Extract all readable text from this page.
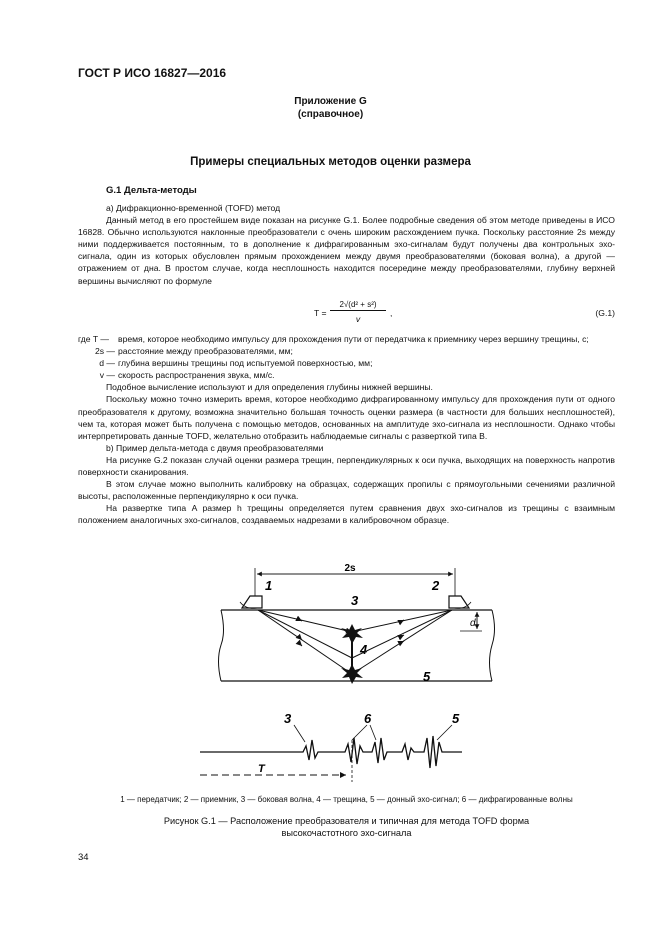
ГОСТ Р ИСО 16827—2016
Приложение G
(справочное)
Примеры специальных методов оценки размера
G.1 Дельта-методы

а) Дифракционно-временной (TOFD) метод

Данный метод в его простейшем виде показан на рисунке G.1. Более подробные сведения об этом методе приведены в ИСО 16828. Обычно используются наклонные преобразователи с очень широким расхождением пучка. Поскольку расстояние 2s между ними поддерживается постоянным, то в дополнение к дифрагированным эхо-сигналам будут получены два контрольных эхо-сигнала, один из которых обусловлен прямым прохождением между двумя преобразователями (боковая волна), а другой — отражением от дна. В простом случае, когда несплошность находится посередине между преобразователями, глубину верхней вершины вычисляют по формуле

T =
2√(d² + s²)
v
,	(G.1)
где T —	время, которое необходимо импульсу для прохождения пути от передатчика к приемнику через вершину трещины, с;
2s — расстояние между преобразователями, мм;
d — глубина вершины трещины под испытуемой поверхностью, мм;
v — скорость распространения звука, мм/с.

Подобное вычисление используют и для определения глубины нижней вершины.

Поскольку можно точно измерить время, которое необходимо дифрагированному импульсу для прохождения пути от одного преобразователя к другому, возможна значительно большая точность оценки размера (в частности для больших несплошностей), чем та, которая может быть получена с помощью методов, основанных на амплитуде эхо-сигнала из несплошности. Однако чтобы интерпретировать данные TOFD, желательно отобразить наблюдаемые сигналы с разверткой типа B.

b) Пример дельта-метода с двумя преобразователями

На рисунке G.2 показан случай оценки размера трещин, перпендикулярных к оси пучка, выходящих на поверхность напротив поверхности сканирования.

В этом случае можно выполнить калибровку на образцах, содержащих пропилы с прямоугольными сечениями различной высоты, расположенные перпендикулярно к оси пучка.

На развертке типа A размер h трещины определяется путем сравнения двух эхо-сигналов из трещины с взаимным положением аналогичных эхо-сигналов, создаваемых надрезами в калибровочном образце.

2s
1	2
3
4
5
d
3	6	5
T
1 — передатчик; 2 — приемник, 3 — боковая волна, 4 — трещина, 5 — донный эхо-сигнал; 6 — дифрагированные волны
Рисунок G.1 — Расположение преобразователя и типичная для метода TOFD форма
высокочастотного эхо-сигнала
34
